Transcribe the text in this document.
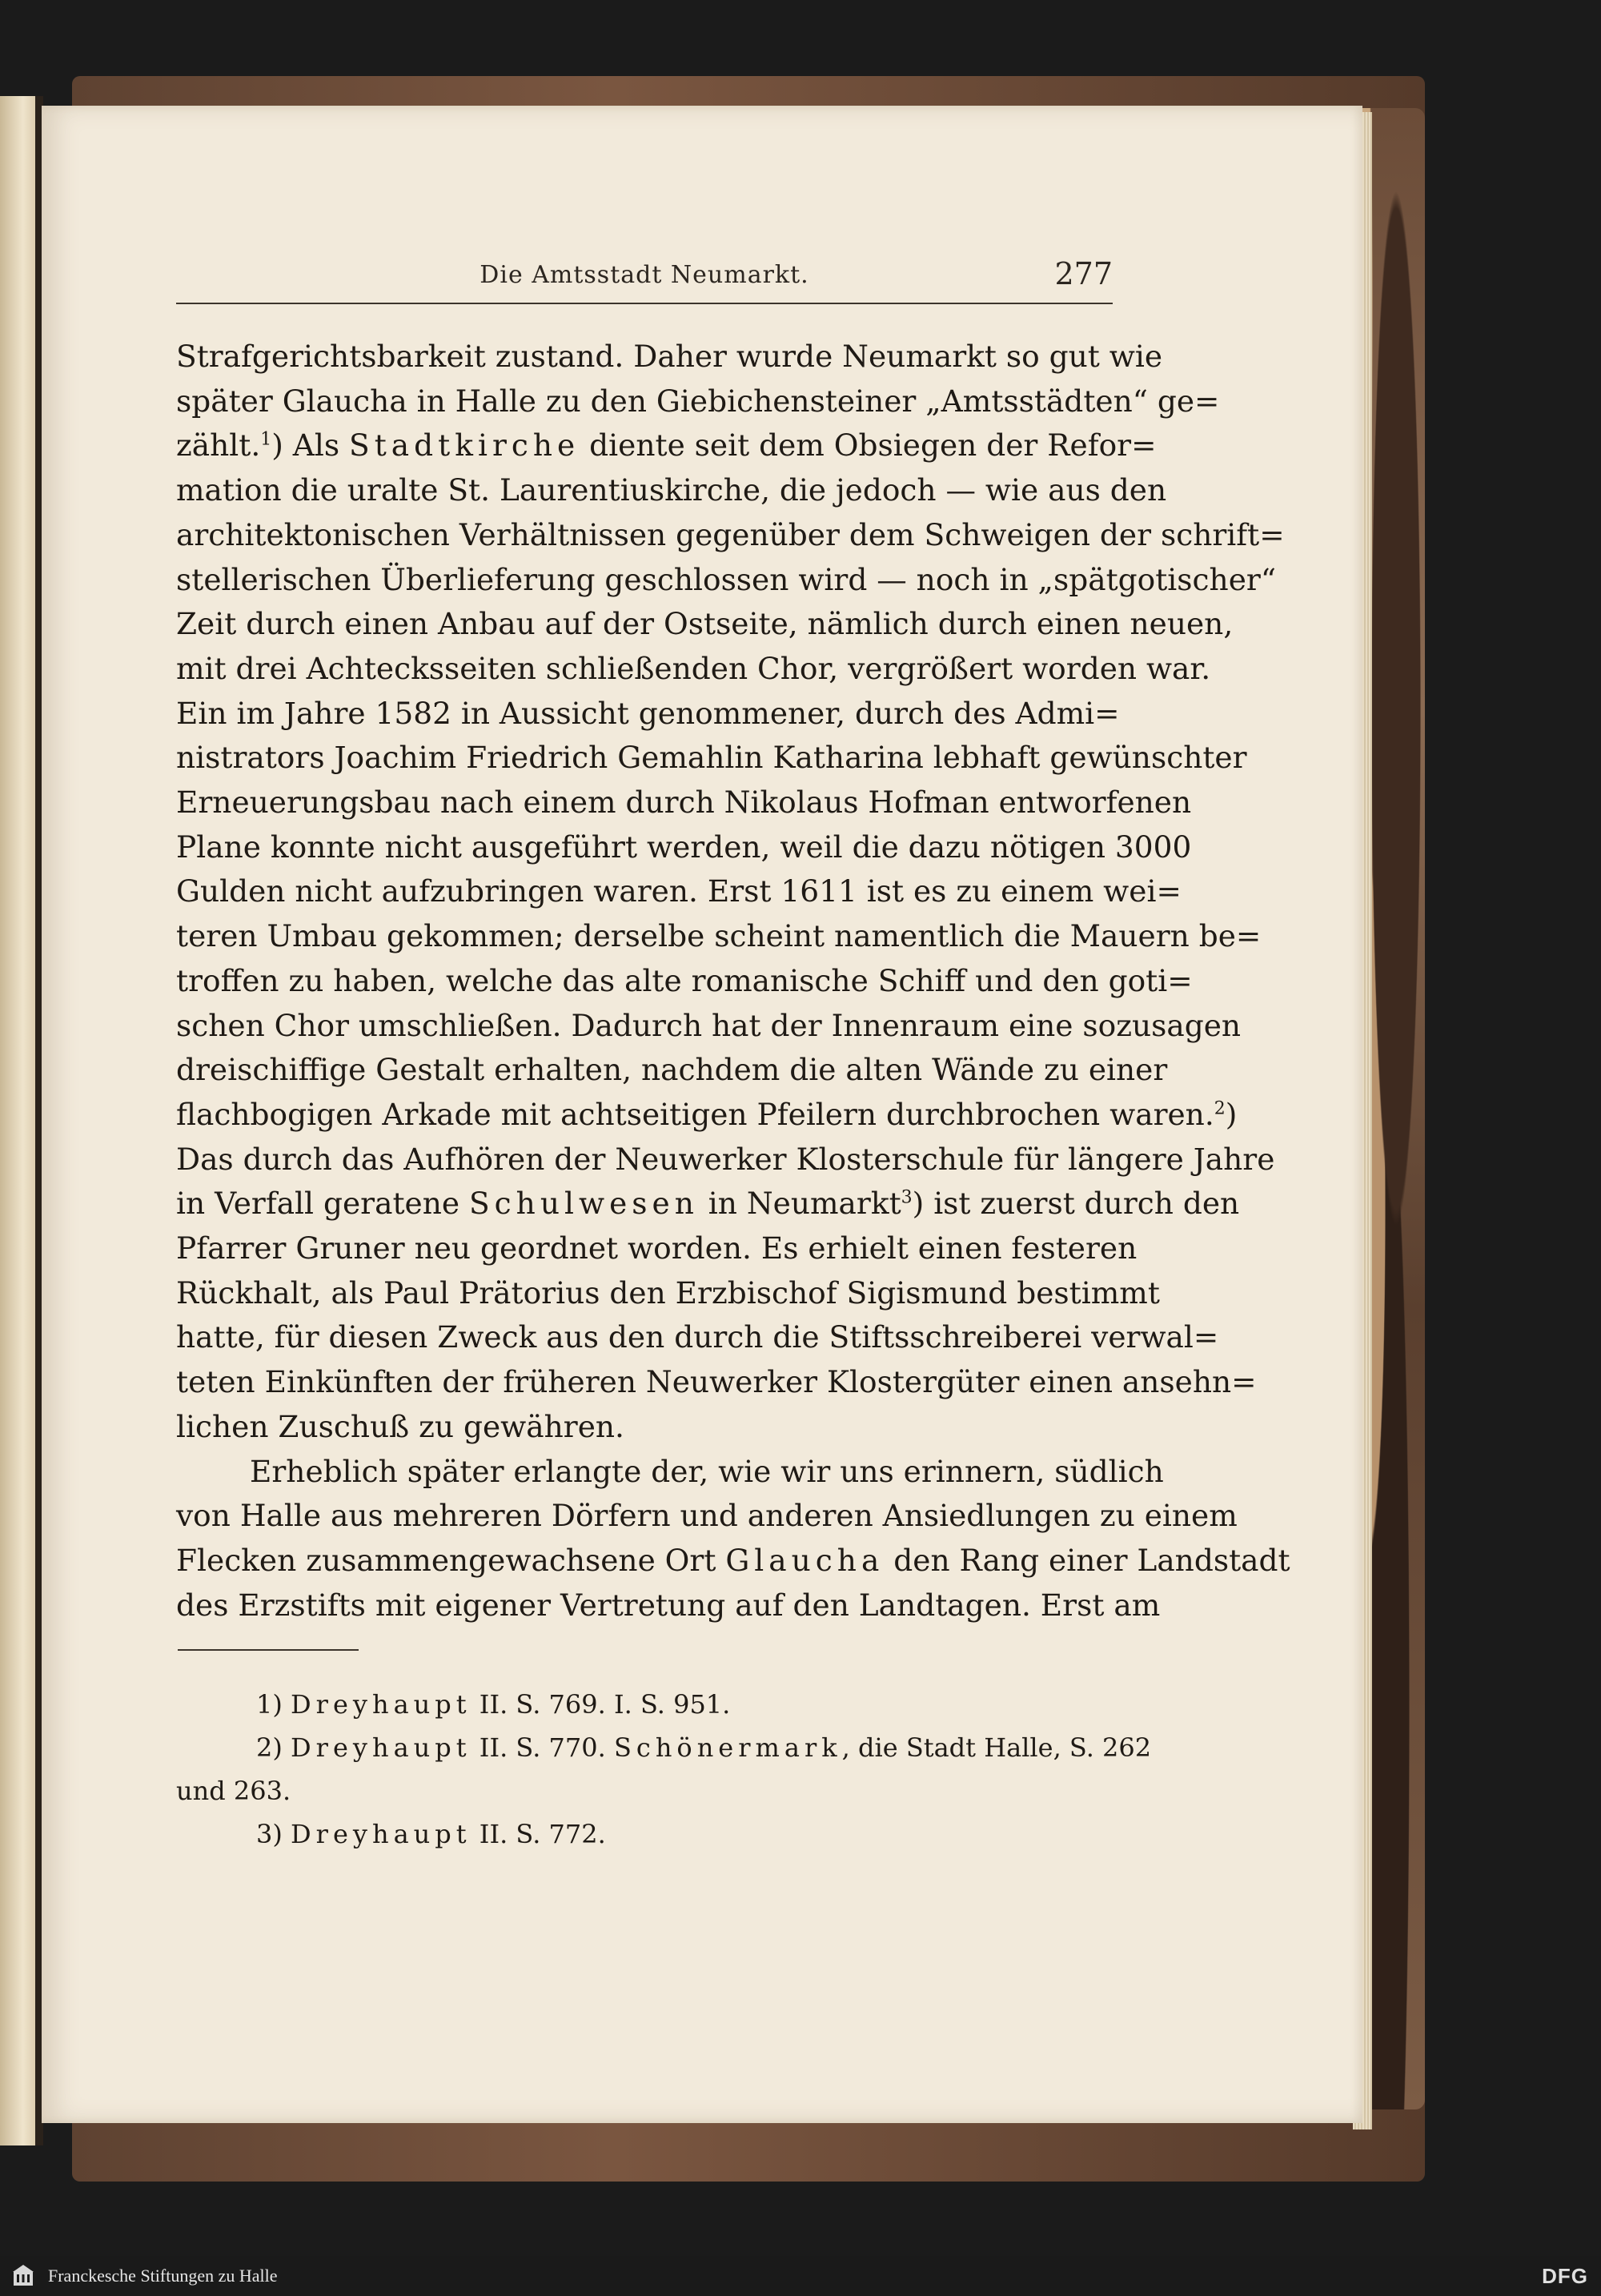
Die Amtsstadt Neumarkt.	277
Strafgerichtsbarkeit zustand. Daher wurde Neumarkt so gut wie
später Glaucha in Halle zu den Giebichensteiner „Amtsstädten“ ge=
zählt.$^1$) Als Stadtkirche diente seit dem Obsiegen der Refor=
mation die uralte St. Laurentiuskirche, die jedoch — wie aus den
architektonischen Verhältnissen gegenüber dem Schweigen der schrift=
stellerischen Überlieferung geschlossen wird — noch in „spätgotischer“
Zeit durch einen Anbau auf der Ostseite, nämlich durch einen neuen,
mit drei Achtecksseiten schließenden Chor, vergrößert worden war.
Ein im Jahre 1582 in Aussicht genommener, durch des Admi=
nistrators Joachim Friedrich Gemahlin Katharina lebhaft gewünschter
Erneuerungsbau nach einem durch Nikolaus Hofman entworfenen
Plane konnte nicht ausgeführt werden, weil die dazu nötigen 3000
Gulden nicht aufzubringen waren. Erst 1611 ist es zu einem wei=
teren Umbau gekommen; derselbe scheint namentlich die Mauern be=
troffen zu haben, welche das alte romanische Schiff und den goti=
schen Chor umschließen. Dadurch hat der Innenraum eine sozusagen
dreischiffige Gestalt erhalten, nachdem die alten Wände zu einer
flachbogigen Arkade mit achtseitigen Pfeilern durchbrochen waren.$^2$)
Das durch das Aufhören der Neuwerker Klosterschule für längere Jahre
in Verfall geratene Schulwesen in Neumarkt$^3$) ist zuerst durch den
Pfarrer Gruner neu geordnet worden. Es erhielt einen festeren
Rückhalt, als Paul Prätorius den Erzbischof Sigismund bestimmt
hatte, für diesen Zweck aus den durch die Stiftsschreiberei verwal=
teten Einkünften der früheren Neuwerker Klostergüter einen ansehn=
lichen Zuschuß zu gewähren.
Erheblich später erlangte der, wie wir uns erinnern, südlich
von Halle aus mehreren Dörfern und anderen Ansiedlungen zu einem
Flecken zusammengewachsene Ort Glaucha den Rang einer Landstadt
des Erzstifts mit eigener Vertretung auf den Landtagen. Erst am
1) Dreyhaupt II. S. 769. I. S. 951.
2) Dreyhaupt II. S. 770. Schönermark, die Stadt Halle, S. 262
und 263.
3) Dreyhaupt II. S. 772.
Franckesche Stiftungen zu Halle	DFG
